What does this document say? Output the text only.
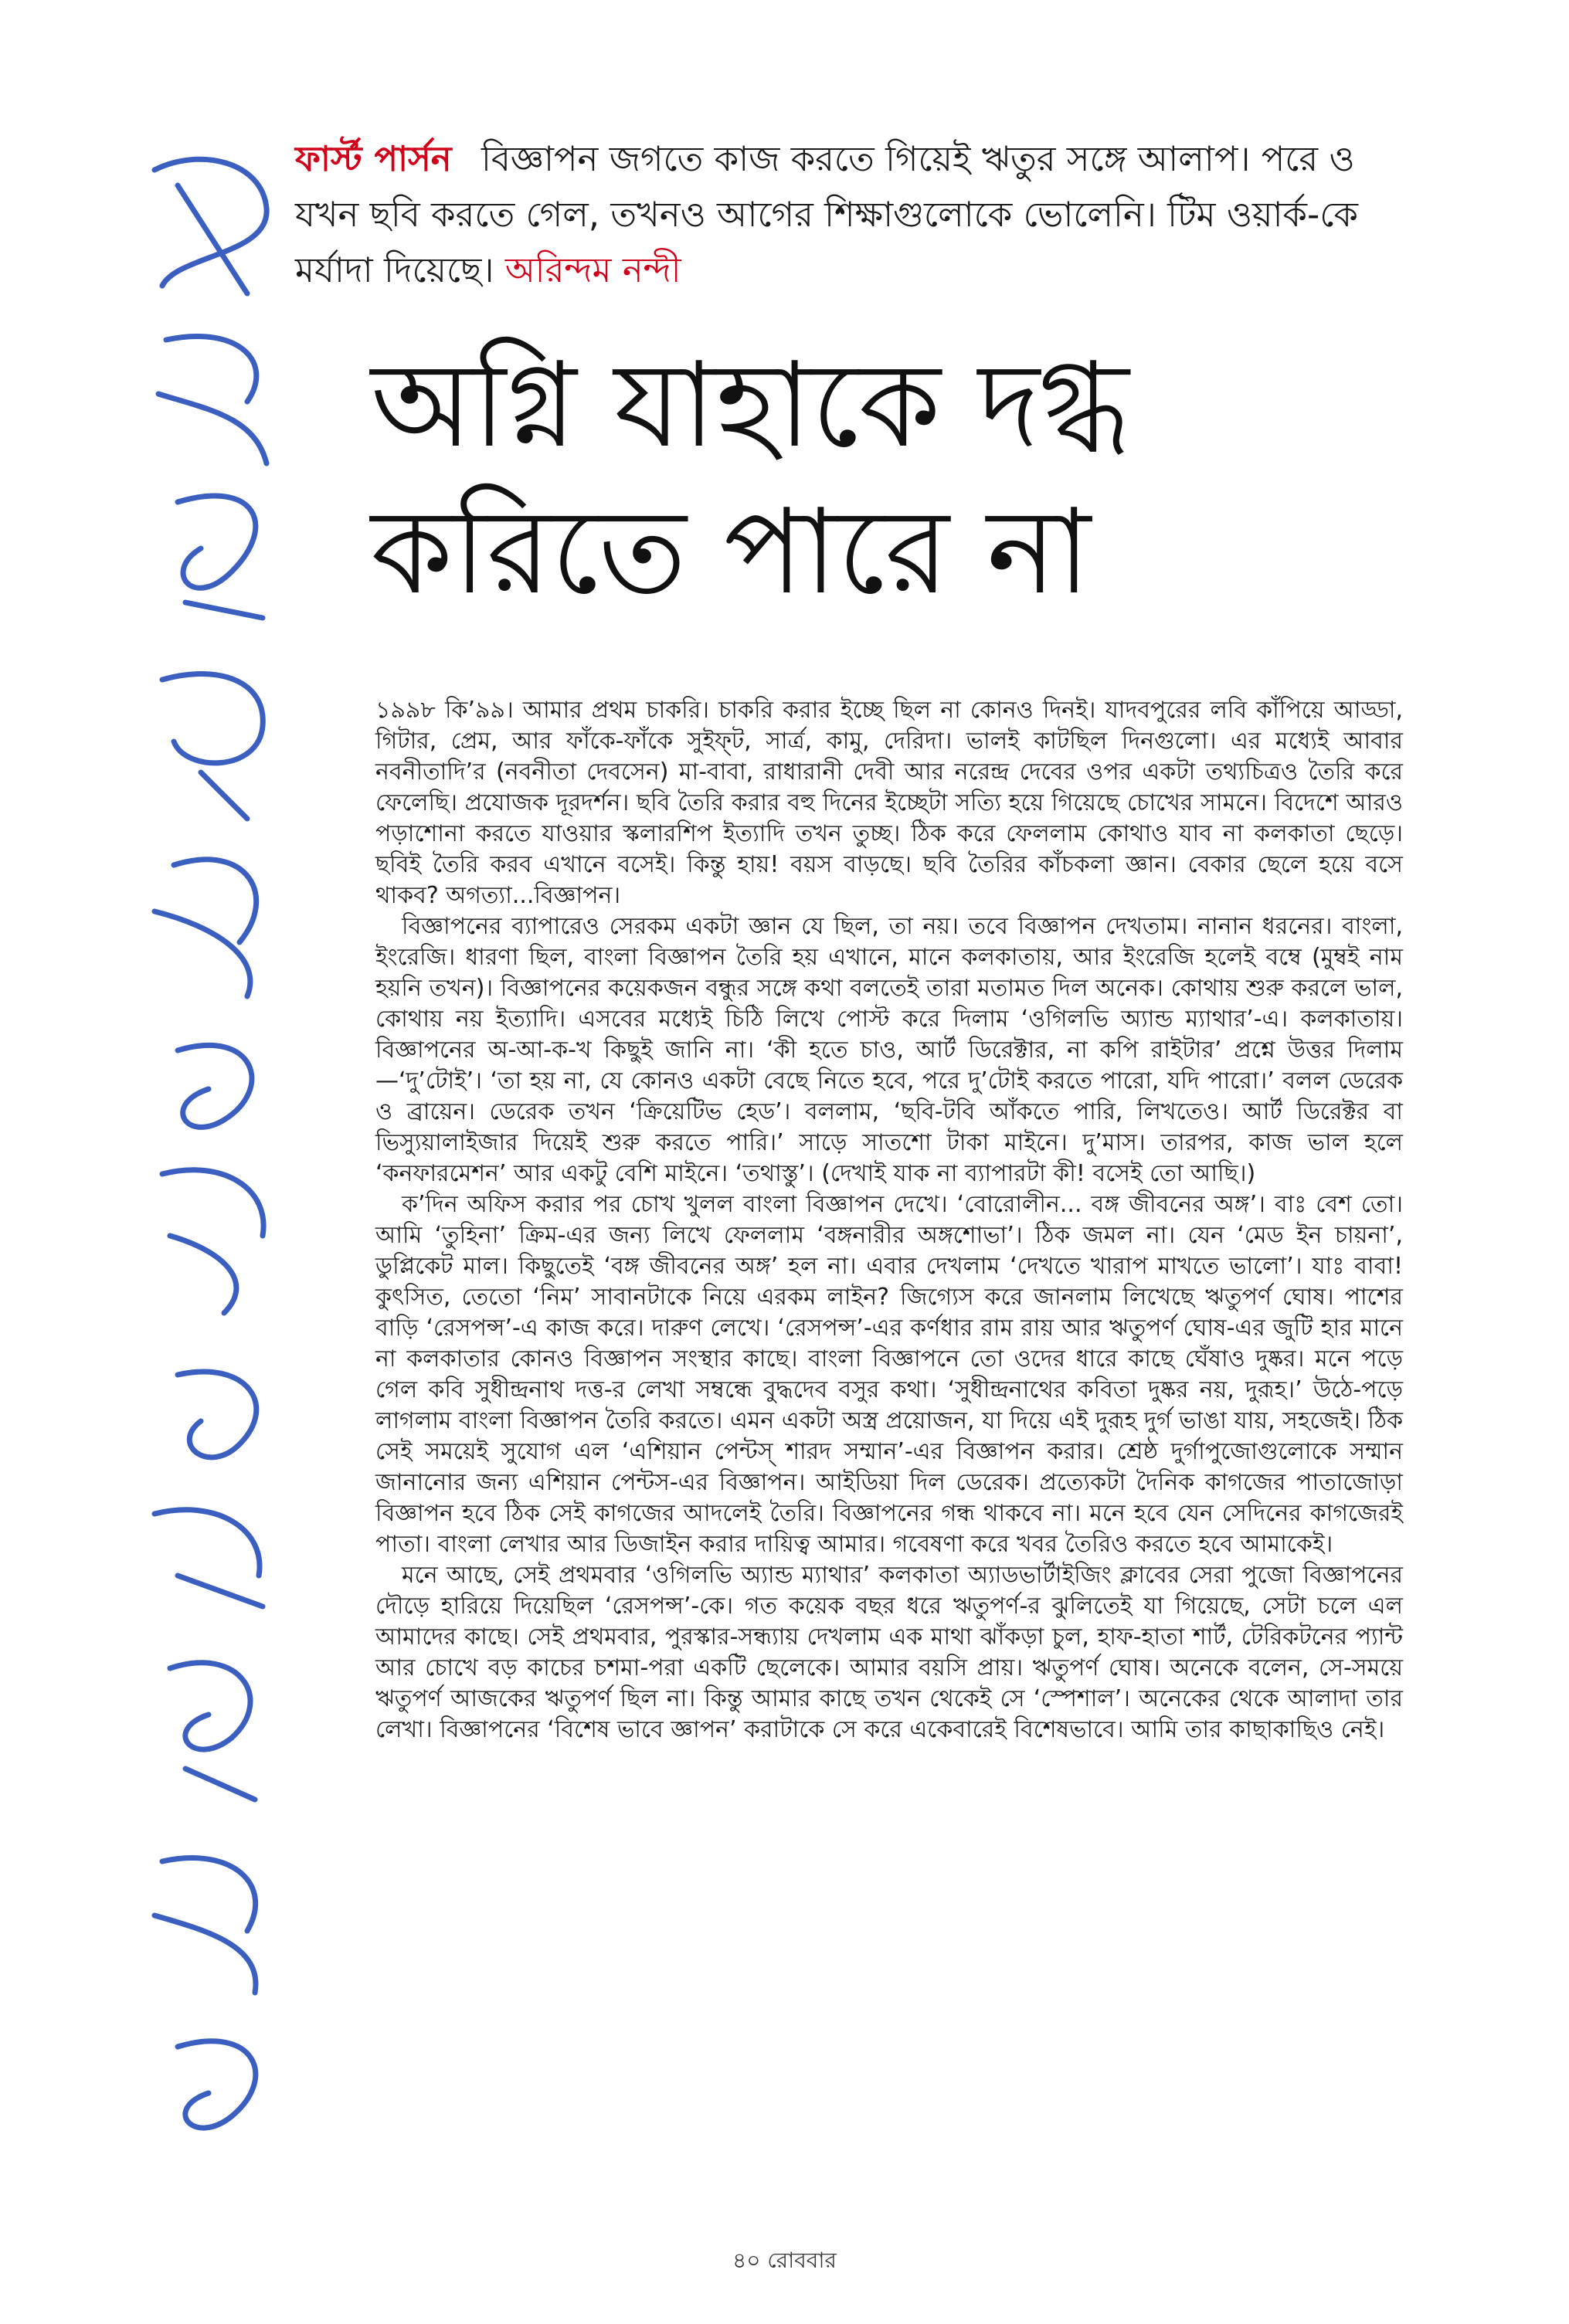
ফার্স্ট পার্সন বিজ্ঞাপন জগতে কাজ করতে গিয়েই ঋতুর সঙ্গে আলাপ। পরে ও যখন ছবি করতে গেল, তখনও আগের শিক্ষাগুলোকে ভোলেনি। টিম ওয়ার্ক-কে মর্যাদা দিয়েছে। অরিন্দম নন্দী
অগ্নি যাহাকে দগ্ধ
করিতে পারে না

১৯৯৮ কি’৯৯। আমার প্রথম চাকরি। চাকরি করার ইচ্ছে ছিল না কোনও দিনই। যাদবপুরের লবি কাঁপিয়ে আড্ডা, গিটার, প্রেম, আর ফাঁকে-ফাঁকে সুইফ্‌ট, সার্ত্র, কামু, দেরিদা। ভালই কাটছিল দিনগুলো। এর মধ্যেই আবার নবনীতাদি’র (নবনীতা দেবসেন) মা-বাবা, রাধারানী দেবী আর নরেন্দ্র দেবের ওপর একটা তথ্যচিত্রও তৈরি করে ফেলেছি। প্রযোজক দূরদর্শন। ছবি তৈরি করার বহু দিনের ইচ্ছেটা সত্যি হয়ে গিয়েছে চোখের সামনে। বিদেশে আরও পড়াশোনা করতে যাওয়ার স্কলারশিপ ইত্যাদি তখন তুচ্ছ। ঠিক করে ফেললাম কোথাও যাব না কলকাতা ছেড়ে। ছবিই তৈরি করব এখানে বসেই। কিন্তু হায়! বয়স বাড়ছে। ছবি তৈরির কাঁচকলা জ্ঞান। বেকার ছেলে হয়ে বসে থাকব? অগত্যা...বিজ্ঞাপন।

বিজ্ঞাপনের ব্যাপারেও সেরকম একটা জ্ঞান যে ছিল, তা নয়। তবে বিজ্ঞাপন দেখতাম। নানান ধরনের। বাংলা, ইংরেজি। ধারণা ছিল, বাংলা বিজ্ঞাপন তৈরি হয় এখানে, মানে কলকাতায়, আর ইংরেজি হলেই বম্বে (মুম্বই নাম হয়নি তখন)। বিজ্ঞাপনের কয়েকজন বন্ধুর সঙ্গে কথা বলতেই তারা মতামত দিল অনেক। কোথায় শুরু করলে ভাল, কোথায় নয় ইত্যাদি। এসবের মধ্যেই চিঠি লিখে পোস্ট করে দিলাম ‘ওগিলভি অ্যান্ড ম্যাথার’-এ। কলকাতায়। বিজ্ঞাপনের অ-আ-ক-খ কিছুই জানি না। ‘কী হতে চাও, আর্ট ডিরেক্টার, না কপি রাইটার’ প্রশ্নে উত্তর দিলাম—‘দু’টোই’। ‘তা হয় না, যে কোনও একটা বেছে নিতে হবে, পরে দু’টোই করতে পারো, যদি পারো।’ বলল ডেরেক ও ব্রায়েন। ডেরেক তখন ‘ক্রিয়েটিভ হেড’। বললাম, ‘ছবি-টবি আঁকতে পারি, লিখতেও। আর্ট ডিরেক্টর বা ভিস্যুয়ালাইজার দিয়েই শুরু করতে পারি।’ সাড়ে সাতশো টাকা মাইনে। দু’মাস। তারপর, কাজ ভাল হলে ‘কনফারমেশন’ আর একটু বেশি মাইনে। ‘তথাস্তু’। (দেখাই যাক না ব্যাপারটা কী! বসেই তো আছি।)

ক’দিন অফিস করার পর চোখ খুলল বাংলা বিজ্ঞাপন দেখে। ‘বোরোলীন... বঙ্গ জীবনের অঙ্গ’। বাঃ বেশ তো। আমি ‘তুহিনা’ ক্রিম-এর জন্য লিখে ফেললাম ‘বঙ্গনারীর অঙ্গশোভা’। ঠিক জমল না। যেন ‘মেড ইন চায়না’, ডুপ্লিকেট মাল। কিছুতেই ‘বঙ্গ জীবনের অঙ্গ’ হল না। এবার দেখলাম ‘দেখতে খারাপ মাখতে ভালো’। যাঃ বাবা! কুৎসিত, তেতো ‘নিম’ সাবানটাকে নিয়ে এরকম লাইন? জিগ্যেস করে জানলাম লিখেছে ঋতুপর্ণ ঘোষ। পাশের বাড়ি ‘রেসপন্স’-এ কাজ করে। দারুণ লেখে। ‘রেসপন্স’-এর কর্ণধার রাম রায় আর ঋতুপর্ণ ঘোষ-এর জুটি হার মানে না কলকাতার কোনও বিজ্ঞাপন সংস্থার কাছে। বাংলা বিজ্ঞাপনে তো ওদের ধারে কাছে ঘেঁষাও দুষ্কর। মনে পড়ে গেল কবি সুধীন্দ্রনাথ দত্ত-র লেখা সম্বন্ধে বুদ্ধদেব বসুর কথা। ‘সুধীন্দ্রনাথের কবিতা দুষ্কর নয়, দুরূহ।’ উঠে-পড়ে লাগলাম বাংলা বিজ্ঞাপন তৈরি করতে। এমন একটা অস্ত্র প্রয়োজন, যা দিয়ে এই দুরূহ দুর্গ ভাঙা যায়, সহজেই। ঠিক সেই সময়েই সুযোগ এল ‘এশিয়ান পেন্টস্ শারদ সম্মান’-এর বিজ্ঞাপন করার। শ্রেষ্ঠ দুর্গাপুজোগুলোকে সম্মান জানানোর জন্য এশিয়ান পেন্টস-এর বিজ্ঞাপন। আইডিয়া দিল ডেরেক। প্রত্যেকটা দৈনিক কাগজের পাতাজোড়া বিজ্ঞাপন হবে ঠিক সেই কাগজের আদলেই তৈরি। বিজ্ঞাপনের গন্ধ থাকবে না। মনে হবে যেন সেদিনের কাগজেরই পাতা। বাংলা লেখার আর ডিজাইন করার দায়িত্ব আমার। গবেষণা করে খবর তৈরিও করতে হবে আমাকেই।

মনে আছে, সেই প্রথমবার ‘ওগিলভি অ্যান্ড ম্যাথার’ কলকাতা অ্যাডভার্টাইজিং ক্লাবের সেরা পুজো বিজ্ঞাপনের দৌড়ে হারিয়ে দিয়েছিল ‘রেসপন্স’-কে। গত কয়েক বছর ধরে ঋতুপর্ণ-র ঝুলিতেই যা গিয়েছে, সেটা চলে এল আমাদের কাছে। সেই প্রথমবার, পুরস্কার-সন্ধ্যায় দেখলাম এক মাথা ঝাঁকড়া চুল, হাফ-হাতা শার্ট, টেরিকটনের প্যান্ট আর চোখে বড় কাচের চশমা-পরা একটি ছেলেকে। আমার বয়সি প্রায়। ঋতুপর্ণ ঘোষ। অনেকে বলেন, সে-সময়ে ঋতুপর্ণ আজকের ঋতুপর্ণ ছিল না। কিন্তু আমার কাছে তখন থেকেই সে ‘স্পেশাল’। অনেকের থেকে আলাদা তার লেখা। বিজ্ঞাপনের ‘বিশেষ ভাবে জ্ঞাপন’ করাটাকে সে করে একেবারেই বিশেষভাবে। আমি তার কাছাকাছিও নেই।

৪০ রোববার
